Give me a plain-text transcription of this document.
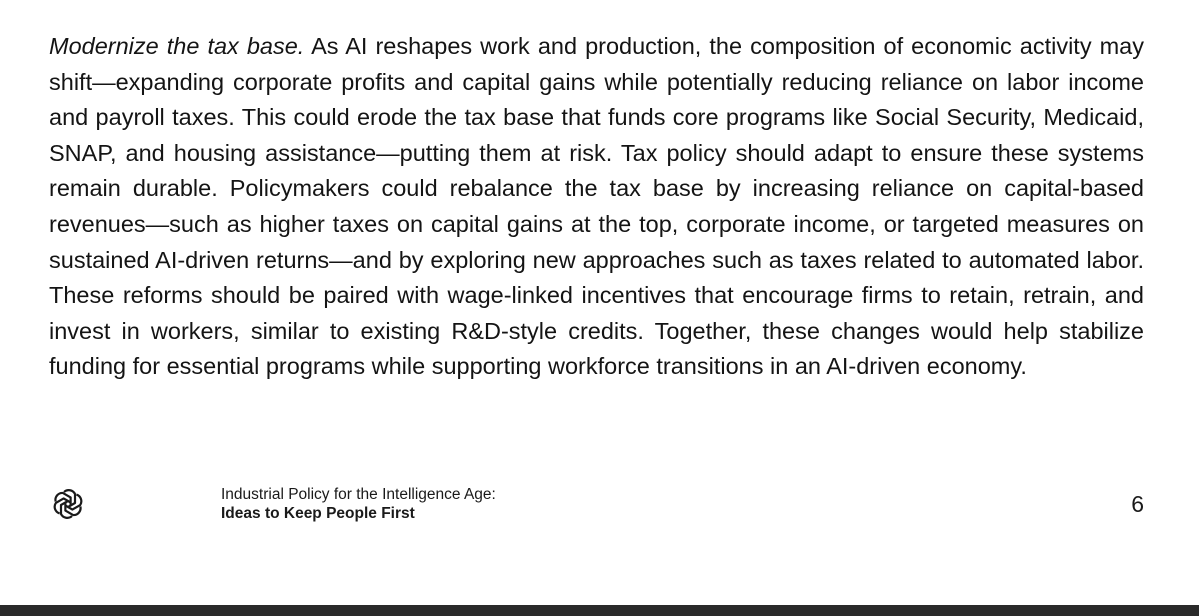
Modernize the tax base. As AI reshapes work and production, the composition of economic activity may shift—expanding corporate profits and capital gains while potentially reducing reliance on labor income and payroll taxes. This could erode the tax base that funds core programs like Social Security, Medicaid, SNAP, and housing assistance—putting them at risk. Tax policy should adapt to ensure these systems remain durable. Policymakers could rebalance the tax base by increasing reliance on capital-based revenues—such as higher taxes on capital gains at the top, corporate income, or targeted measures on sustained AI-driven returns—and by exploring new approaches such as taxes related to automated labor. These reforms should be paired with wage-linked incentives that encourage firms to retain, retrain, and invest in workers, similar to existing R&D-style credits. Together, these changes would help stabilize funding for essential programs while supporting workforce transitions in an AI-driven economy.

Industrial Policy for the Intelligence Age:
Ideas to Keep People First	6
